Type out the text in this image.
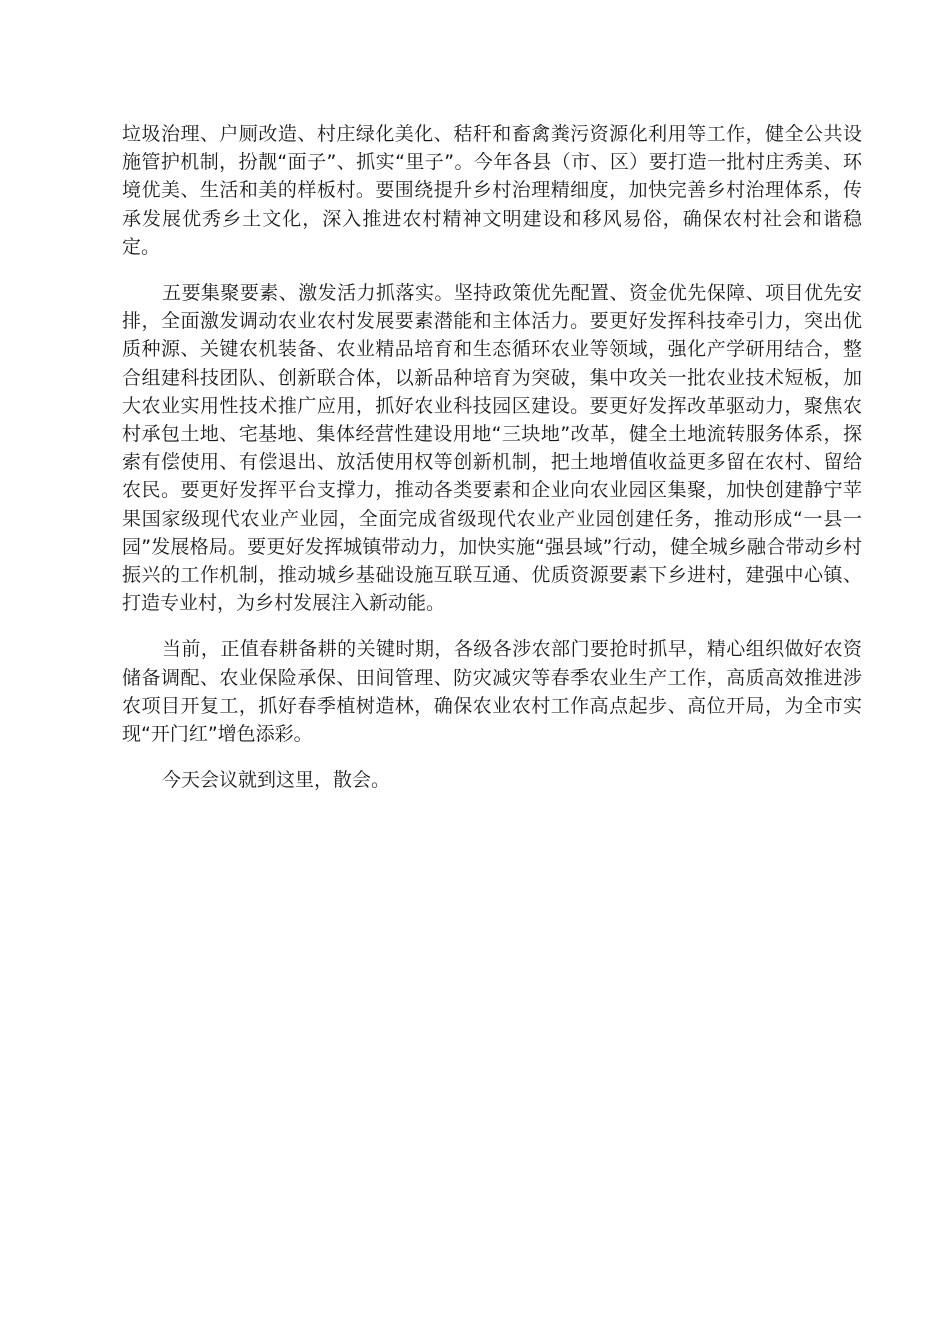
垃圾治理、户厕改造、村庄绿化美化、秸秆和畜禽粪污资源化利用等工作，健全公共设施管护机制，扮靓“面子”、抓实“里子”。今年各县（市、区）要打造一批村庄秀美、环境优美、生活和美的样板村。要围绕提升乡村治理精细度，加快完善乡村治理体系，传承发展优秀乡土文化，深入推进农村精神文明建设和移风易俗，确保农村社会和谐稳定。

五要集聚要素、激发活力抓落实。坚持政策优先配置、资金优先保障、项目优先安排，全面激发调动农业农村发展要素潜能和主体活力。要更好发挥科技牵引力，突出优质种源、关键农机装备、农业精品培育和生态循环农业等领域，强化产学研用结合，整合组建科技团队、创新联合体，以新品种培育为突破，集中攻关一批农业技术短板，加大农业实用性技术推广应用，抓好农业科技园区建设。要更好发挥改革驱动力，聚焦农村承包土地、宅基地、集体经营性建设用地“三块地”改革，健全土地流转服务体系，探索有偿使用、有偿退出、放活使用权等创新机制，把土地增值收益更多留在农村、留给农民。要更好发挥平台支撑力，推动各类要素和企业向农业园区集聚，加快创建静宁苹果国家级现代农业产业园，全面完成省级现代农业产业园创建任务，推动形成“一县一园”发展格局。要更好发挥城镇带动力，加快实施“强县域”行动，健全城乡融合带动乡村振兴的工作机制，推动城乡基础设施互联互通、优质资源要素下乡进村，建强中心镇、打造专业村，为乡村发展注入新动能。

当前，正值春耕备耕的关键时期，各级各涉农部门要抢时抓早，精心组织做好农资储备调配、农业保险承保、田间管理、防灾减灾等春季农业生产工作，高质高效推进涉农项目开复工，抓好春季植树造林，确保农业农村工作高点起步、高位开局，为全市实现“开门红”增色添彩。

今天会议就到这里，散会。
